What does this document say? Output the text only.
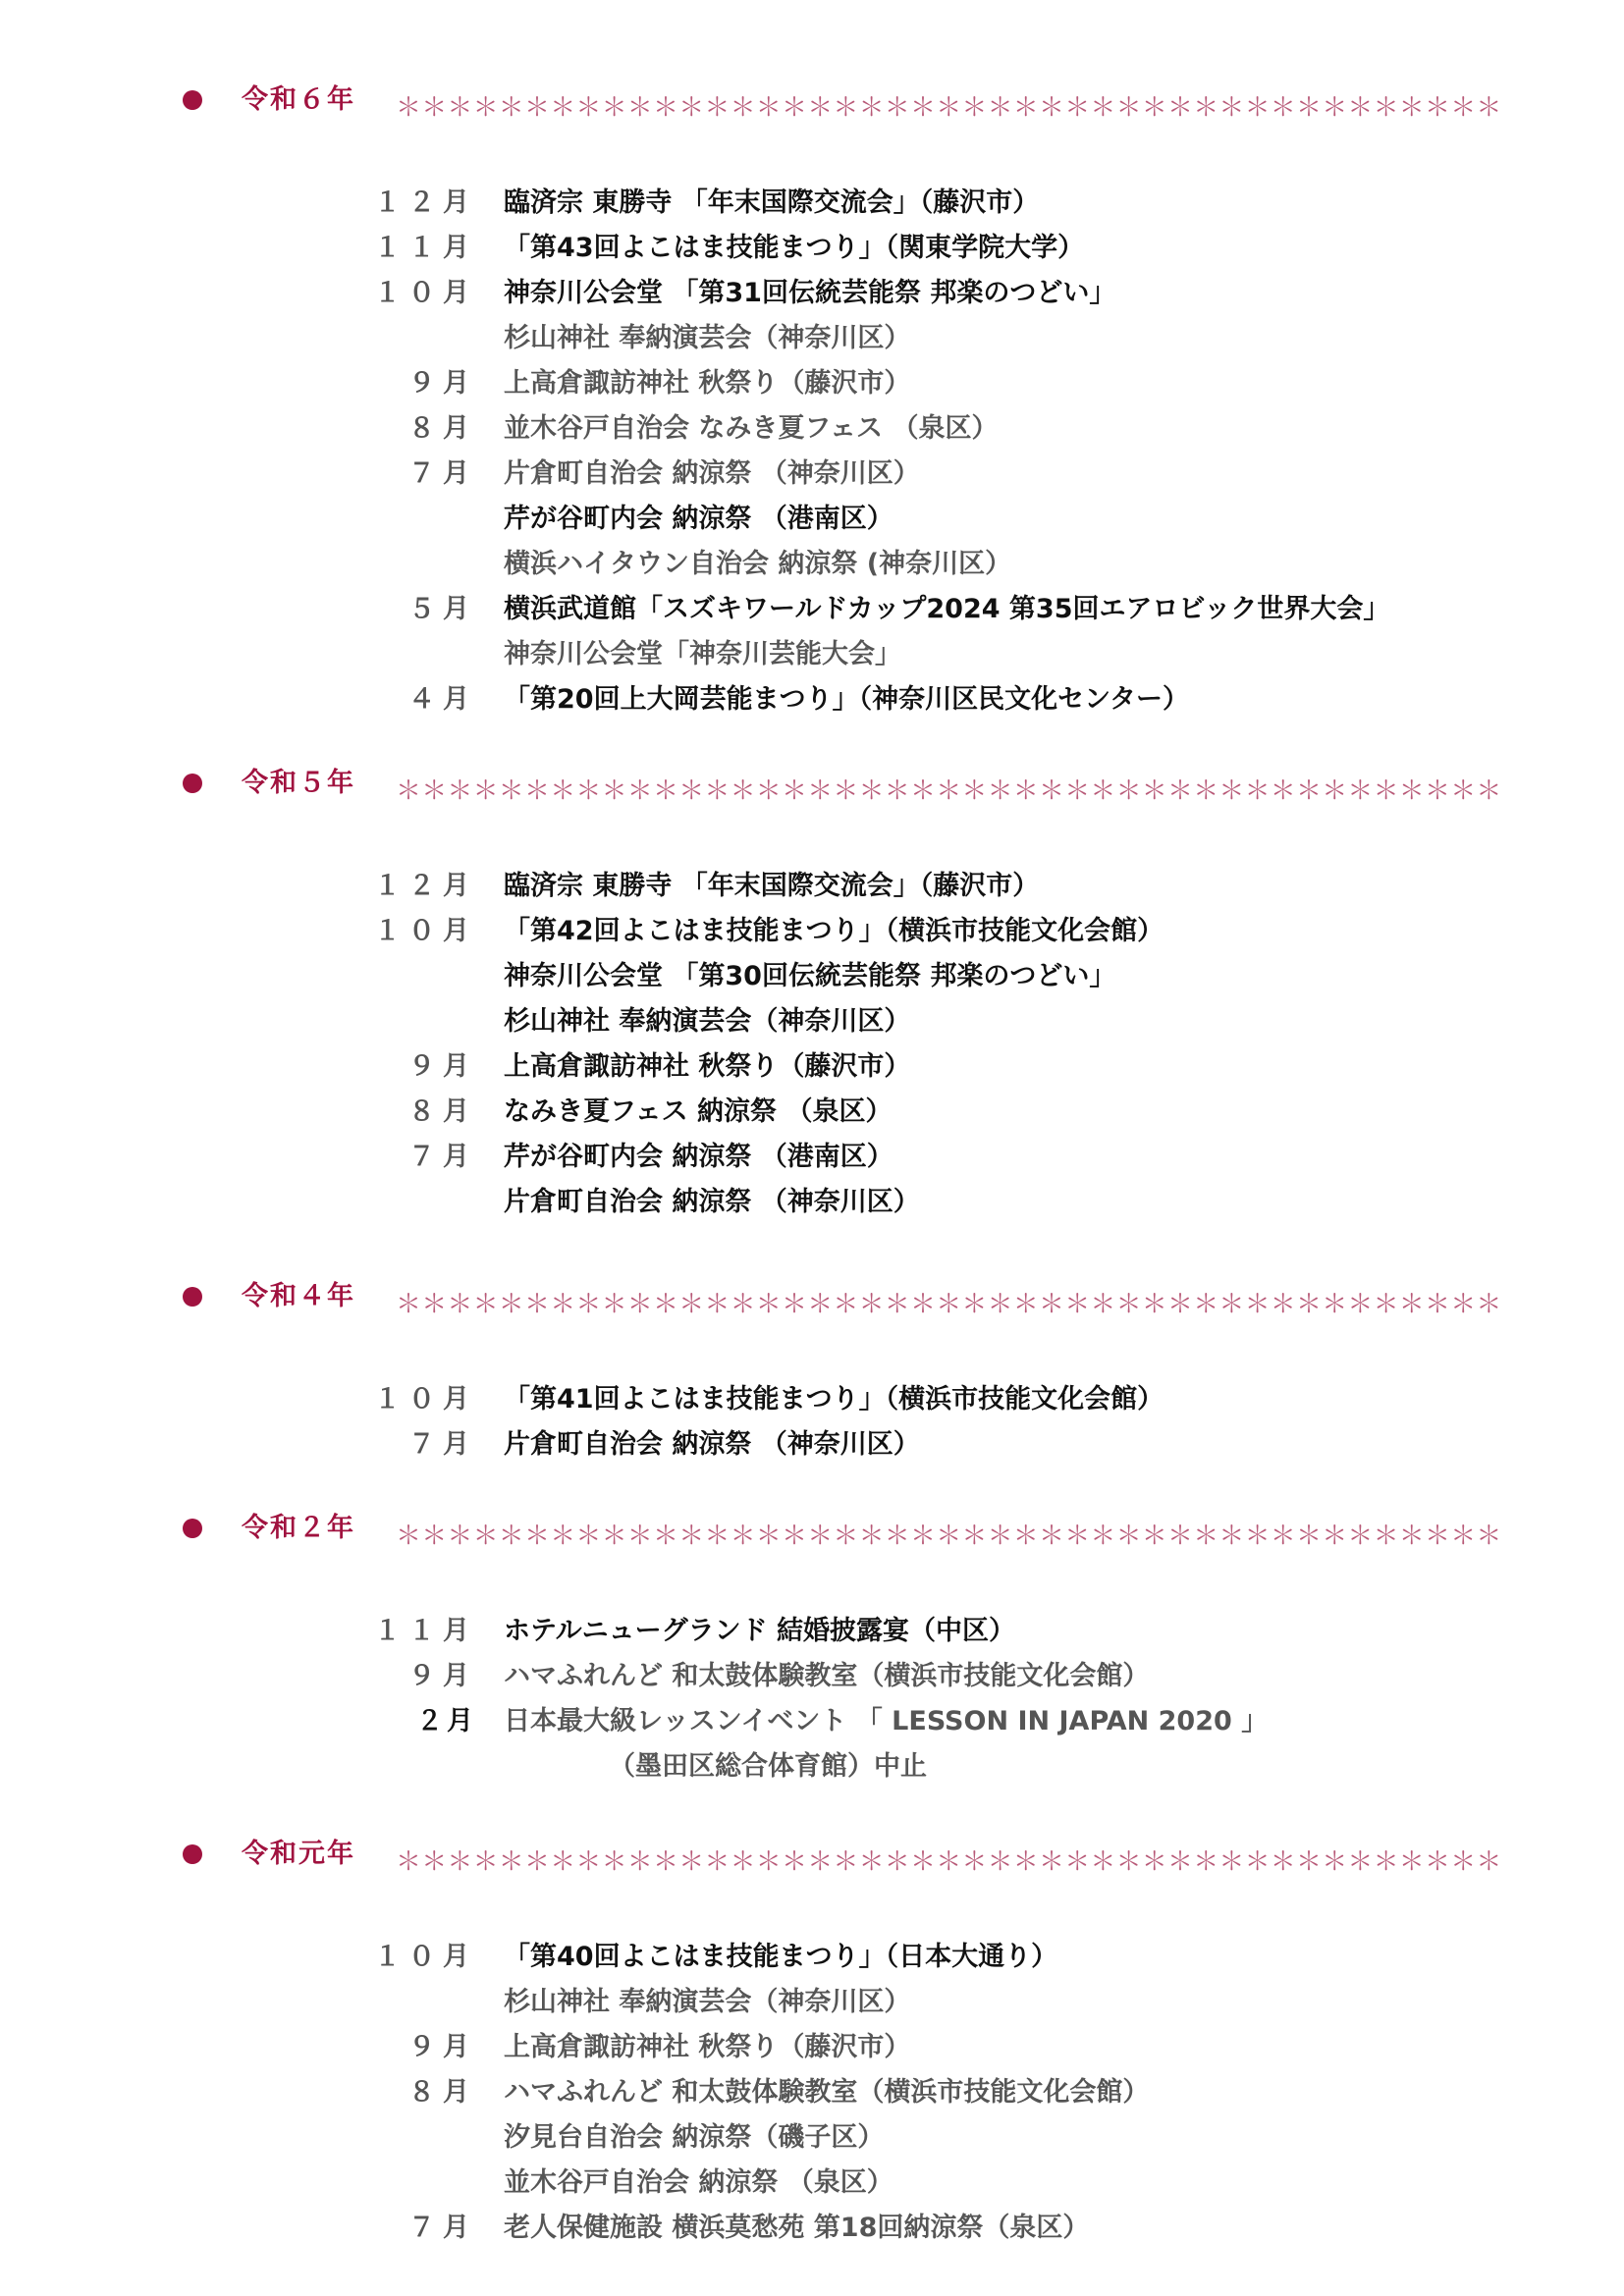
令和６年 ＊＊＊＊＊＊＊＊＊＊＊＊＊＊＊＊＊＊＊＊＊＊＊＊＊＊＊＊＊＊＊＊＊＊＊＊＊＊＊＊＊＊＊
１２月 臨済宗 東勝寺 「年末国際交流会」（藤沢市）
１１月 「第43回よこはま技能まつり」（関東学院大学）
１０月 神奈川公会堂 「第31回伝統芸能祭 邦楽のつどい」
杉山神社 奉納演芸会（神奈川区）
９月 上高倉諏訪神社 秋祭り（藤沢市）
８月 並木谷戸自治会 なみき夏フェス （泉区）
７月 片倉町自治会 納涼祭 （神奈川区）
芹が谷町内会 納涼祭 （港南区）
横浜ハイタウン自治会 納涼祭 (神奈川区）
５月 横浜武道館「スズキワールドカップ2024 第35回エアロビック世界大会」
神奈川公会堂「神奈川芸能大会」
４月 「第20回上大岡芸能まつり」（神奈川区民文化センター）
令和５年 ＊＊＊＊＊＊＊＊＊＊＊＊＊＊＊＊＊＊＊＊＊＊＊＊＊＊＊＊＊＊＊＊＊＊＊＊＊＊＊＊＊＊＊
１２月 臨済宗 東勝寺 「年末国際交流会」（藤沢市）
１０月 「第42回よこはま技能まつり」（横浜市技能文化会館）
神奈川公会堂 「第30回伝統芸能祭 邦楽のつどい」
杉山神社 奉納演芸会（神奈川区）
９月 上高倉諏訪神社 秋祭り（藤沢市）
８月 なみき夏フェス 納涼祭 （泉区）
７月 芹が谷町内会 納涼祭 （港南区）
片倉町自治会 納涼祭 （神奈川区）
令和４年 ＊＊＊＊＊＊＊＊＊＊＊＊＊＊＊＊＊＊＊＊＊＊＊＊＊＊＊＊＊＊＊＊＊＊＊＊＊＊＊＊＊＊＊
１０月 「第41回よこはま技能まつり」（横浜市技能文化会館）
７月 片倉町自治会 納涼祭 （神奈川区）
令和２年 ＊＊＊＊＊＊＊＊＊＊＊＊＊＊＊＊＊＊＊＊＊＊＊＊＊＊＊＊＊＊＊＊＊＊＊＊＊＊＊＊＊＊＊
１１月 ホテルニューグランド 結婚披露宴（中区）
９月 ハマふれんど 和太鼓体験教室（横浜市技能文化会館）
２月 日本最大級レッスンイベント 「 LESSON IN JAPAN 2020 」
（墨田区総合体育館）中止
令和元年 ＊＊＊＊＊＊＊＊＊＊＊＊＊＊＊＊＊＊＊＊＊＊＊＊＊＊＊＊＊＊＊＊＊＊＊＊＊＊＊＊＊＊＊
１０月 「第40回よこはま技能まつり」（日本大通り）
杉山神社 奉納演芸会（神奈川区）
９月 上高倉諏訪神社 秋祭り（藤沢市）
８月 ハマふれんど 和太鼓体験教室（横浜市技能文化会館）
汐見台自治会 納涼祭（磯子区）
並木谷戸自治会 納涼祭 （泉区）
７月 老人保健施設 横浜莫愁苑 第18回納涼祭（泉区）
